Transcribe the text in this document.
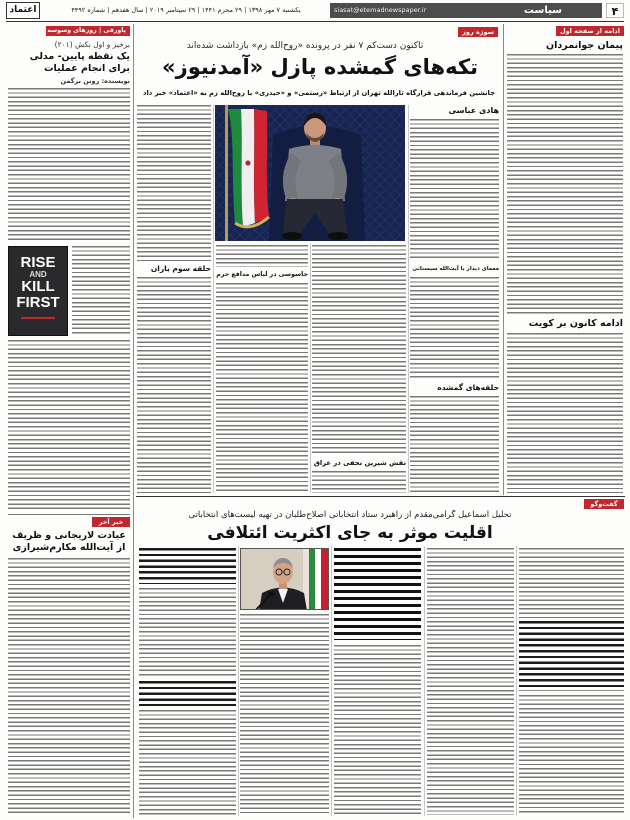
۴
سیاست
siasat@etemadnewspaper.ir
یکشنبه ۷ مهر ۱۳۹۸ | ۲۹ محرم ۱۴۴۱ | ۲۹ سپتامبر ۲۰۱۹ | سال هفدهم | شماره ۴۴۹۲
اعتماد
ادامه از صفحه اول
پیمان جوانمردان
ادامه کانون بر کویت
سوژه روز
تاکنون دست‌کم ۷ نفر در پرونده «روح‌الله زم» بازداشت شده‌اند
تکه‌های گمشده پازل «آمدنیوز»
جانشین فرماندهی قرارگاه ثارالله تهران از ارتباط «رستمی» و «حیدری» با روح‌الله زم به «اعتماد» خبر داد
هادی عباسی
معمای دیدار با آیت‌الله سیستانی
حلقه‌های گمشده
حلقه سوم یاران
نقش شیرین نجفی در عراق
جاسوسی در لباس مدافع حرم
پاورقی | روزهای وسوسه
برخیز و اول بکش (۲۰۱)
یک نقطه پایین- مدلی برای انجام عملیات
نویسنده: رونن برگمن
RISE
AND
KILL
FIRST
خبر آخر
عیادت لاریجانی و ظریف از آیت‌الله مکارم‌شیرازی
گفت‌وگو
تحلیل اسماعیل گرامی‌مقدم از راهبرد ستاد انتخاباتی اصلاح‌طلبان در تهیه لیست‌های انتخاباتی
اقلیت موثر به جای اکثریت ائتلافی
